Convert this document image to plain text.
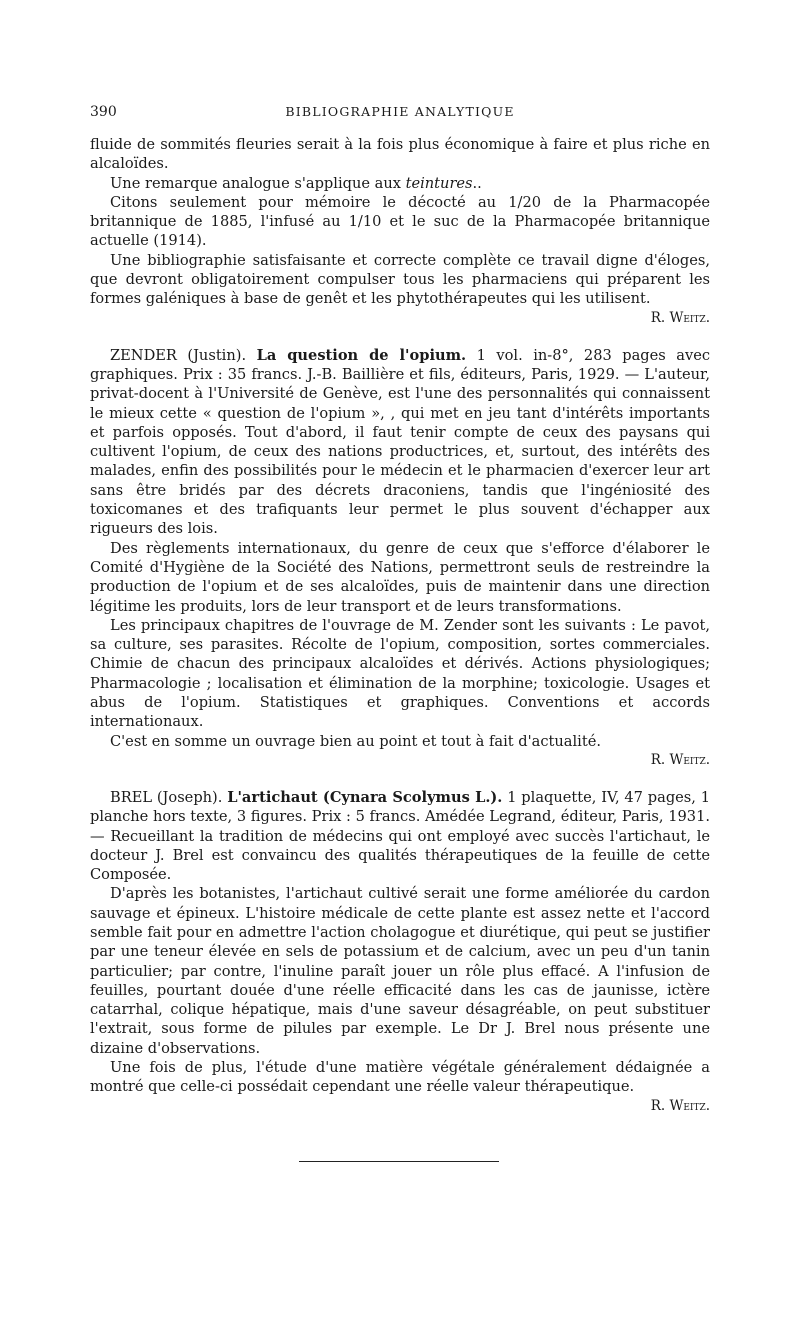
390	BIBLIOGRAPHIE ANALYTIQUE

fluide de sommités fleuries serait à la fois plus économique à faire et plus riche en alcaloïdes.

Une remarque analogue s'applique aux teintures..

Citons seulement pour mémoire le décocté au 1/20 de la Pharmacopée britannique de 1885, l'infusé au 1/10 et le suc de la Pharmacopée britannique actuelle (1914).

Une bibliographie satisfaisante et correcte complète ce travail digne d'éloges, que devront obligatoirement compulser tous les pharmaciens qui préparent les formes galéniques à base de genêt et les phytothérapeutes qui les utilisent.

R. Weitz.

ZENDER (Justin). La question de l'opium. 1 vol. in-8°, 283 pages avec graphiques. Prix : 35 francs. J.-B. Baillière et fils, éditeurs, Paris, 1929. — L'auteur, privat-docent à l'Université de Genève, est l'une des personnalités qui connaissent le mieux cette « question de l'opium », , qui met en jeu tant d'intérêts importants et parfois opposés. Tout d'abord, il faut tenir compte de ceux des paysans qui cultivent l'opium, de ceux des nations productrices, et, surtout, des intérêts des malades, enfin des possibilités pour le médecin et le pharmacien d'exercer leur art sans être bridés par des décrets draconiens, tandis que l'ingéniosité des toxicomanes et des trafiquants leur permet le plus souvent d'échapper aux rigueurs des lois.

Des règlements internationaux, du genre de ceux que s'efforce d'élaborer le Comité d'Hygiène de la Société des Nations, permettront seuls de restreindre la production de l'opium et de ses alcaloïdes, puis de maintenir dans une direction légitime les produits, lors de leur transport et de leurs transformations.

Les principaux chapitres de l'ouvrage de M. Zender sont les suivants : Le pavot, sa culture, ses parasites. Récolte de l'opium, composition, sortes commerciales. Chimie de chacun des principaux alcaloïdes et dérivés. Actions physiologiques; Pharmacologie ; localisation et élimination de la morphine; toxicologie. Usages et abus de l'opium. Statistiques et graphiques. Conventions et accords internationaux.

C'est en somme un ouvrage bien au point et tout à fait d'actualité.

R. Weitz.

BREL (Joseph). L'artichaut (Cynara Scolymus L.). 1 plaquette, IV, 47 pages, 1 planche hors texte, 3 figures. Prix : 5 francs. Amédée Legrand, éditeur, Paris, 1931. — Recueillant la tradition de médecins qui ont employé avec succès l'artichaut, le docteur J. Brel est convaincu des qualités thérapeutiques de la feuille de cette Composée.

D'après les botanistes, l'artichaut cultivé serait une forme améliorée du cardon sauvage et épineux. L'histoire médicale de cette plante est assez nette et l'accord semble fait pour en admettre l'action cholagogue et diurétique, qui peut se justifier par une teneur élevée en sels de potassium et de calcium, avec un peu d'un tanin particulier; par contre, l'inuline paraît jouer un rôle plus effacé. A l'infusion de feuilles, pourtant douée d'une réelle efficacité dans les cas de jaunisse, ictère catarrhal, colique hépatique, mais d'une saveur désagréable, on peut substituer l'extrait, sous forme de pilules par exemple. Le Dr J. Brel nous présente une dizaine d'observations.

Une fois de plus, l'étude d'une matière végétale généralement dédaignée a montré que celle-ci possédait cependant une réelle valeur thérapeutique.

R. Weitz.
